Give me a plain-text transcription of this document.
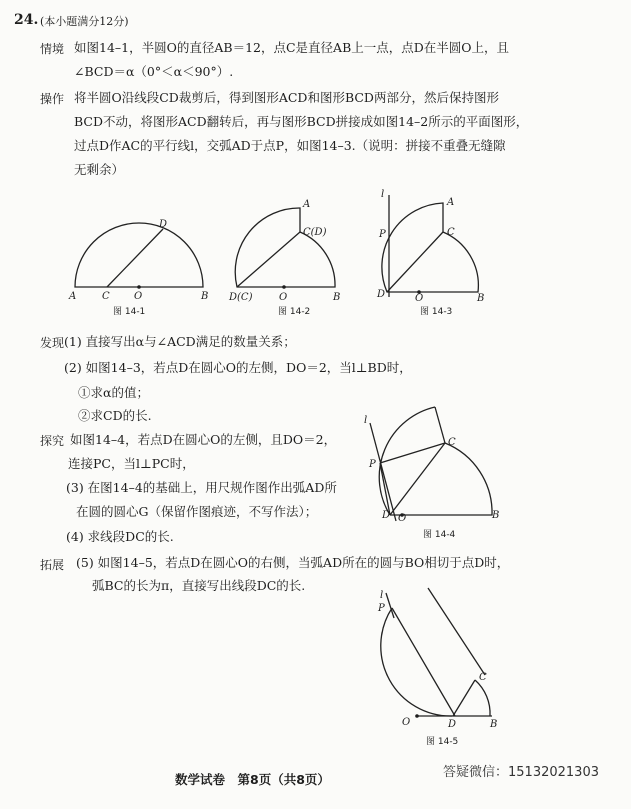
24. (本小题满分12分)
情境 如图14–1，半圆O的直径AB＝12，点C是直径AB上一点，点D在半圆O上，且
∠BCD＝α（0°＜α＜90°）.
操作 将半圆O沿线段CD裁剪后，得到图形ACD和图形BCD两部分，然后保持图形
BCD不动，将图形ACD翻转后，再与图形BCD拼接成如图14–2所示的平面图形，
过点D作AC的平行线l，交弧AD于点P，如图14–3.（说明：拼接不重叠无缝隙
无剩余）
A	C O	B
D
图 14-1
A
C(D)
D(C)	O	B
图 14-2
l
A
P	C
D	O	B
图 14-3
发现 (1) 直接写出α与∠ACD满足的数量关系；
(2) 如图14–3，若点D在圆心O的左侧，DO＝2，当l⊥BD时，
①求α的值；
②求CD的长.
探究 如图14–4，若点D在圆心O的左侧，且DO＝2，
连接PC，当l⊥PC时，
(3) 在图14–4的基础上，用尺规作图作出弧AD所
在圆的圆心G（保留作图痕迹，不写作法）；
(4) 求线段DC的长.
l
C
P
D O	B
图 14-4
拓展 (5) 如图14–5，若点D在圆心O的右侧，当弧AD所在的圆与BO相切于点D时，
弧BC的长为π，直接写出线段DC的长.
l
P
C
O	D	B
图 14-5
数学试卷　第8页（共8页）	答疑微信：15132021303
